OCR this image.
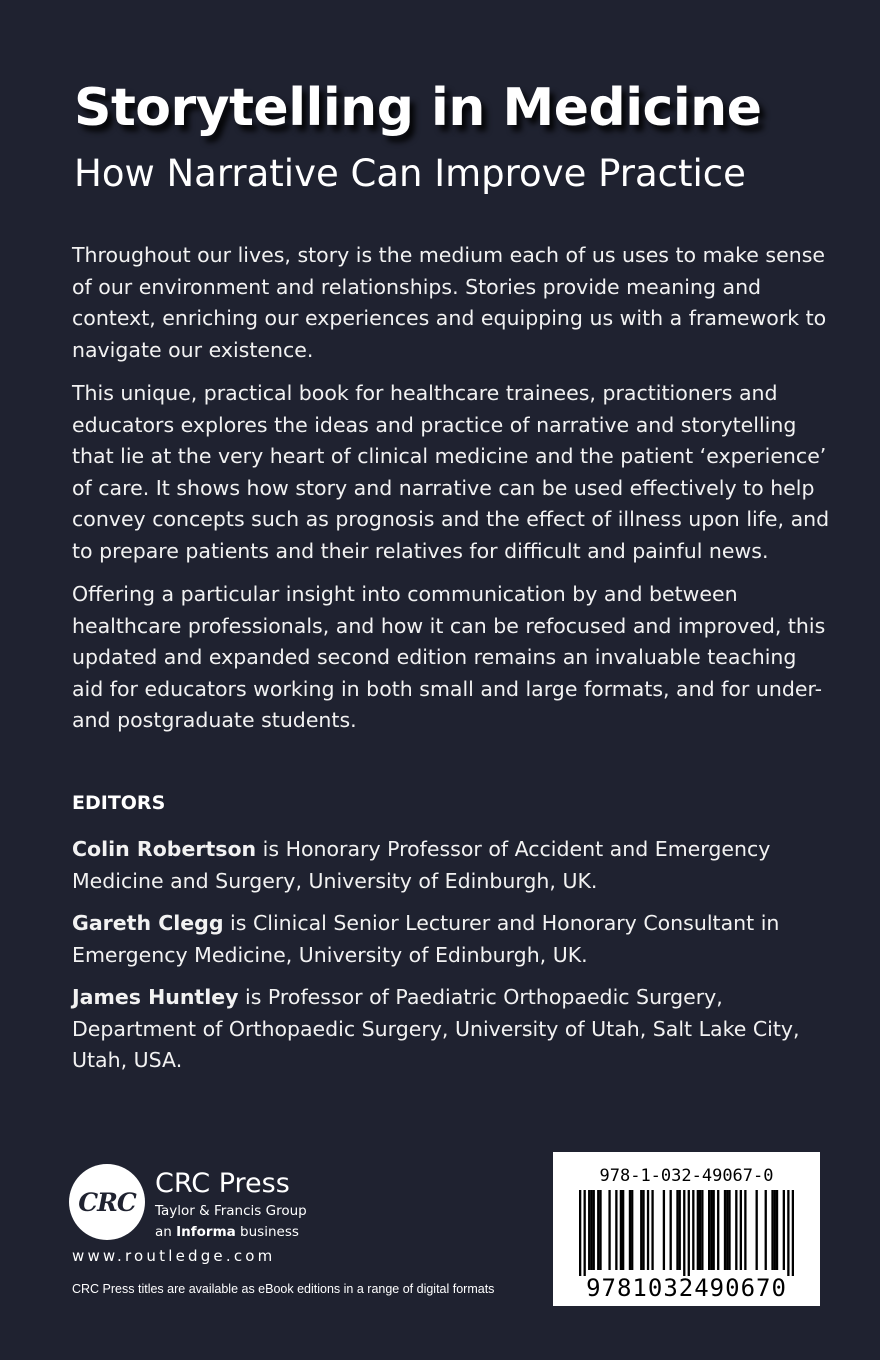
Storytelling in Medicine
How Narrative Can Improve Practice

Throughout our lives, story is the medium each of us uses to make sense of our environment and relationships. Stories provide meaning and context, enriching our experiences and equipping us with a framework to navigate our existence.

This unique, practical book for healthcare trainees, practitioners and educators explores the ideas and practice of narrative and storytelling that lie at the very heart of clinical medicine and the patient ‘experience’ of care. It shows how story and narrative can be used effectively to help convey concepts such as prognosis and the effect of illness upon life, and to prepare patients and their relatives for difficult and painful news.

Offering a particular insight into communication by and between healthcare professionals, and how it can be refocused and improved, this updated and expanded second edition remains an invaluable teaching aid for educators working in both small and large formats, and for under- and postgraduate students.

EDITORS

Colin Robertson is Honorary Professor of Accident and Emergency Medicine and Surgery, University of Edinburgh, UK.

Gareth Clegg is Clinical Senior Lecturer and Honorary Consultant in Emergency Medicine, University of Edinburgh, UK.

James Huntley is Professor of Paediatric Orthopaedic Surgery, Department of Orthopaedic Surgery, University of Utah, Salt Lake City, Utah, USA.

CRC
CRC Press
Taylor & Francis Group
an Informa business
www.routledge.com
CRC Press titles are available as eBook editions in a range of digital formats
978-1-032-49067-0
9781032490670
